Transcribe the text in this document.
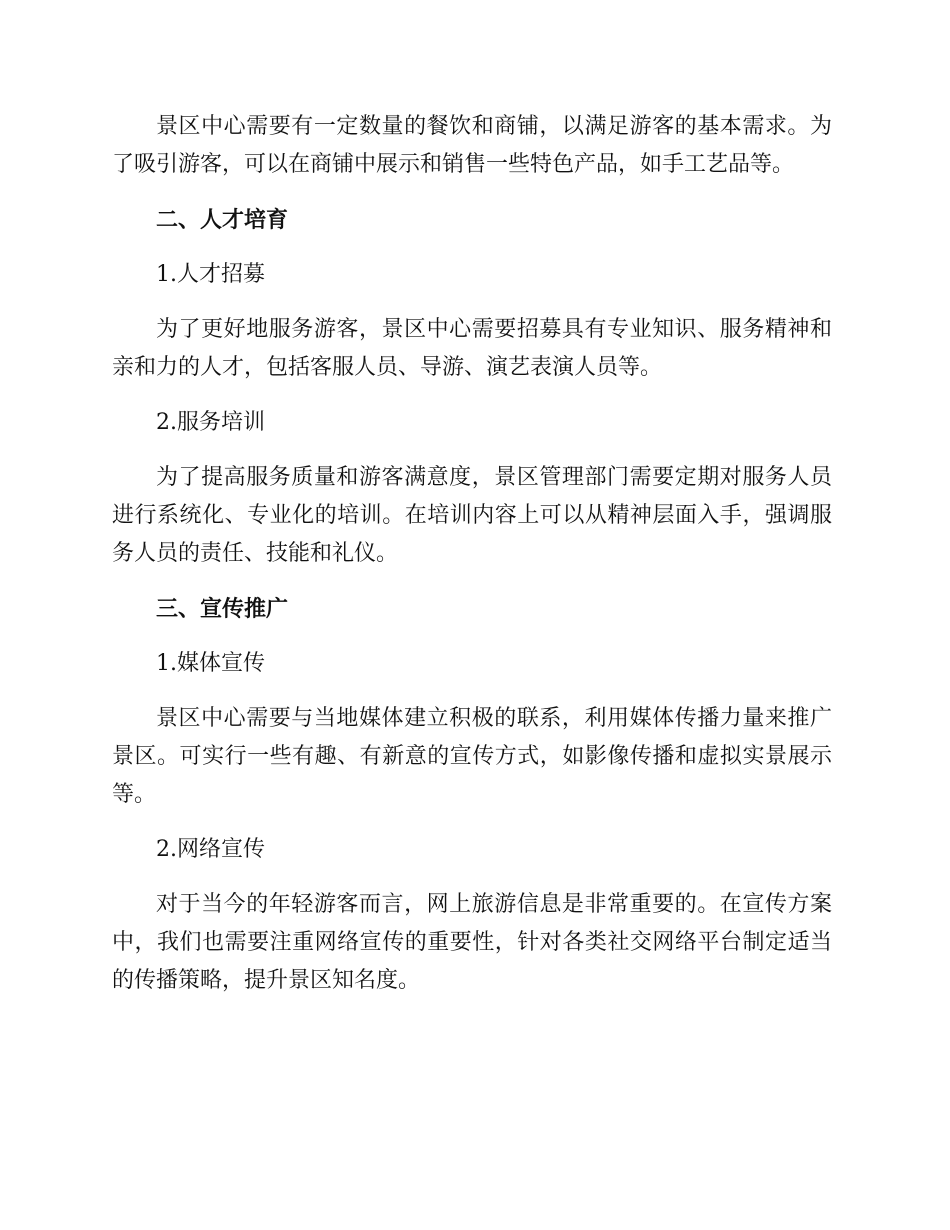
景区中心需要有一定数量的餐饮和商铺，以满足游客的基本需求。为了吸引游客，可以在商铺中展示和销售一些特色产品，如手工艺品等。

二、人才培育

1.人才招募

为了更好地服务游客，景区中心需要招募具有专业知识、服务精神和亲和力的人才，包括客服人员、导游、演艺表演人员等。

2.服务培训

为了提高服务质量和游客满意度，景区管理部门需要定期对服务人员进行系统化、专业化的培训。在培训内容上可以从精神层面入手，强调服务人员的责任、技能和礼仪。

三、宣传推广

1.媒体宣传

景区中心需要与当地媒体建立积极的联系，利用媒体传播力量来推广景区。可实行一些有趣、有新意的宣传方式，如影像传播和虚拟实景展示等。

2.网络宣传

对于当今的年轻游客而言，网上旅游信息是非常重要的。在宣传方案中，我们也需要注重网络宣传的重要性，针对各类社交网络平台制定适当的传播策略，提升景区知名度。
